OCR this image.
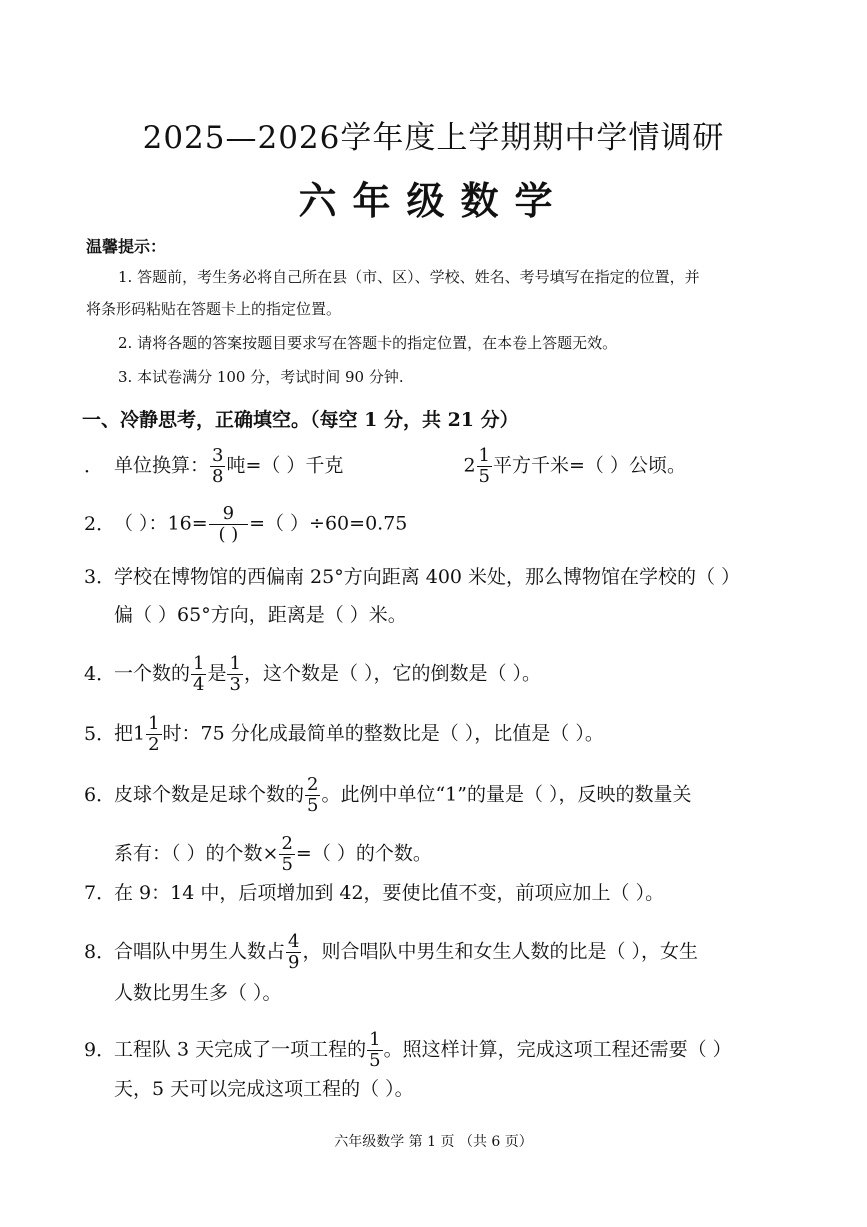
2025—2026学年度上学期期中学情调研
六年级数学
温馨提示：
1. 答题前，考生务必将自己所在县（市、区）、学校、姓名、考号填写在指定的位置，并
将条形码粘贴在答题卡上的指定位置。
2. 请将各题的答案按题目要求写在答题卡的指定位置，在本卷上答题无效。
3. 本试卷满分 100 分，考试时间 90 分钟.
一、冷静思考，正确填空。（每空 1 分，共 21 分）
． 单位换算： $\frac{3}{8}$ 吨=（ ）千克	$2 \frac{1}{5}$ 平方千米=（ ）公顷。
2．（ ）：$16= \frac{9}{( )}$ =（ ）÷60=0.75
3．学校在博物馆的西偏南 25°方向距离 400 米处，那么博物馆在学校的（ ）
偏（ ）65°方向，距离是（ ）米。
4．一个数的 $\frac{1}{4}$ 是 $\frac{1}{3}$ ，这个数是（ ），它的倒数是（ ）。
5．把$1 \frac{1}{2}$ 时：75 分化成最简单的整数比是（ ），比值是（ ）。
6．皮球个数是足球个数的 $\frac{2}{5}$ 。此例中单位“1”的量是（ ），反映的数量关
系有：（ ）的个数× $\frac{2}{5}$ =（ ）的个数。
7．在 9：14 中，后项增加到 42，要使比值不变，前项应加上（ ）。
8．合唱队中男生人数占 $\frac{4}{9}$ ，则合唱队中男生和女生人数的比是（ ），女生
人数比男生多（ ）。
9．工程队 3 天完成了一项工程的 $\frac{1}{5}$ 。照这样计算，完成这项工程还需要（ ）
天，5 天可以完成这项工程的（ ）。
六年级数学 第 1 页 （共 6 页）
